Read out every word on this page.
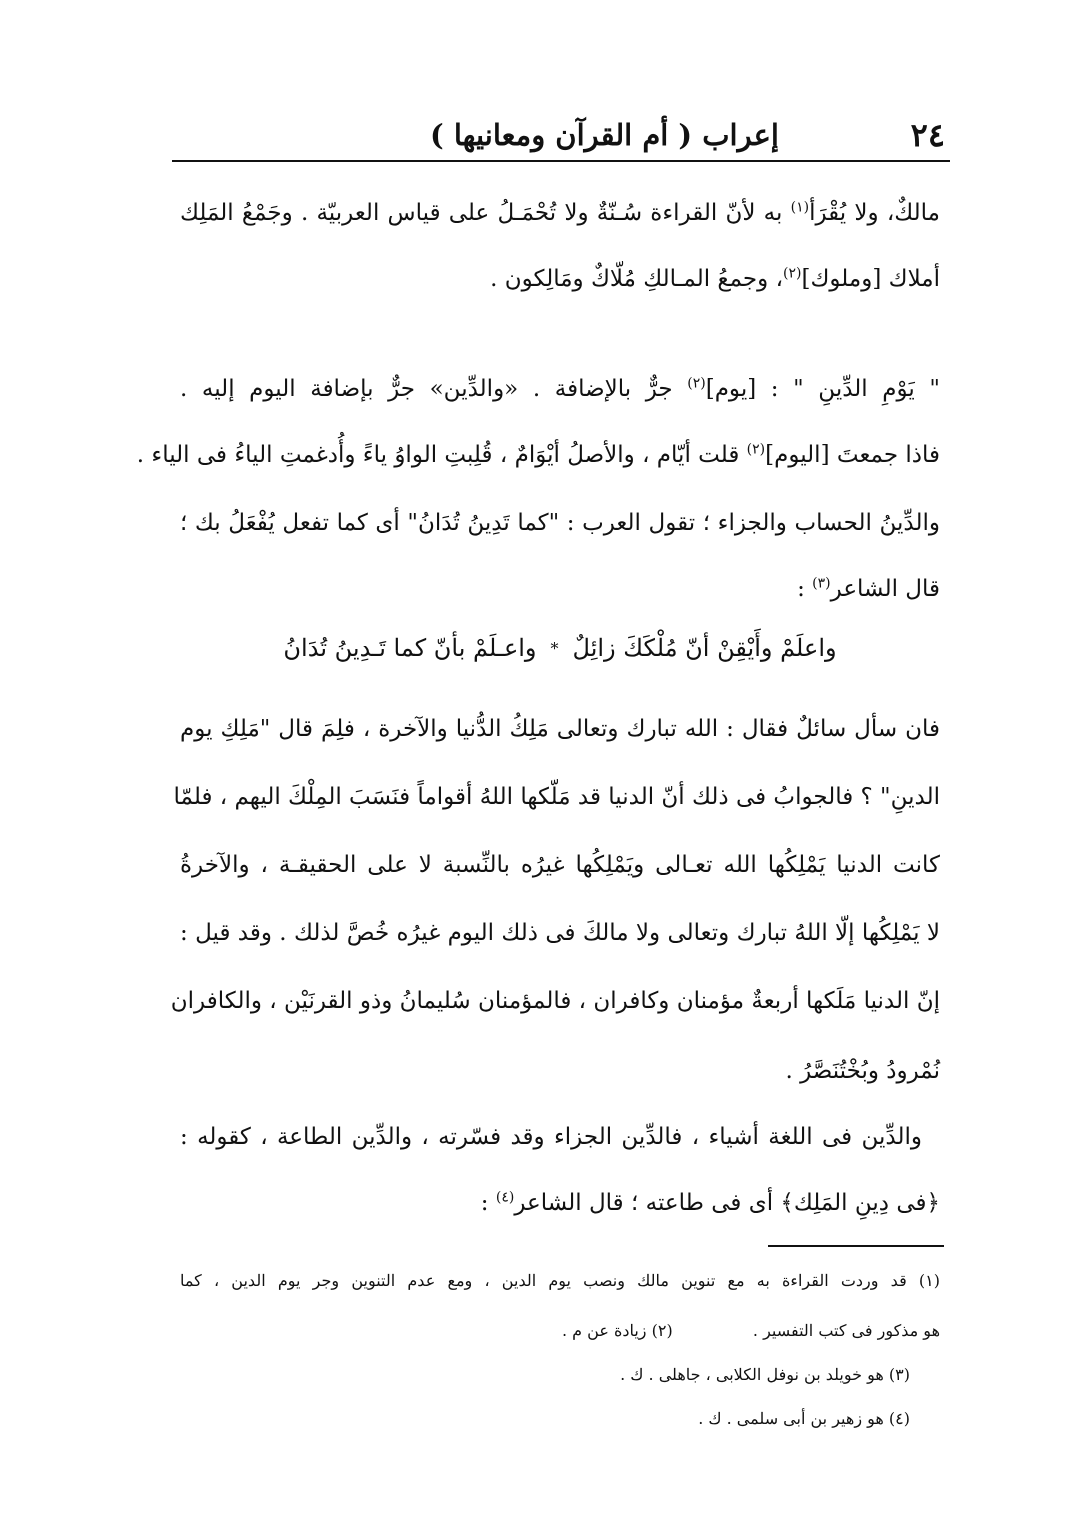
٢٤
إعراب ( أم القرآن ومعانيها )
مالكٌ، ولا يُقْرَأ$^{(١)}$ به لأنّ القراءة سُـنّةٌ ولا تُحْمَـلُ على قياس العربيّة . وجَمْعُ المَلِك
أملاك [وملوك]$^{(٢)}$، وجمعُ المـالكِ مُلّاكٌ ومَالِكون .
" يَوْمِ الدِّينِ " : [يوم]$^{(٢)}$ جرٌّ بالإضافة . «والدِّين» جرٌّ بإضافة اليوم إليه .
فاذا جمعتَ [اليوم]$^{(٢)}$ قلت أيّام ، والأصلُ أيْوَامٌ ، قُلِبتِ الواوُ ياءً وأُدغمتِ الياءُ فى الياء .
والدِّينُ الحساب والجزاء ؛ تقول العرب : "كما تَدِينُ تُدَانُ" أى كما تفعل يُفْعَلُ بك ؛
قال الشاعر$^{(٣)}$ :
واعلَمْ وأَيْقِنْ أنّ مُلْكَكَ زائِلٌ
*
واعـلَمْ بأنّ كما تَـدِينُ تُدَانُ
فان سأل سائلٌ فقال : الله تبارك وتعالى مَلِكُ الدُّنيا والآخرة ، فلِمَ قال "مَلِكِ يوم
الدينِ" ؟ فالجوابُ فى ذلك أنّ الدنيا قد مَلّكها اللهُ أقواماً فنَسَبَ المِلْكَ اليهم ، فلمّا
كانت الدنيا يَمْلِكُها الله تعـالى ويَمْلِكُها غيرُه بالنِّسبة لا على الحقيقـة ، والآخرةُ
لا يَمْلِكُها إلّا اللهُ تبارك وتعالى ولا مالكَ فى ذلك اليوم غيرُه خُصَّ لذلك . وقد قيل :
إنّ الدنيا مَلَكها أربعةٌ مؤمنان وكافران ، فالمؤمنان سُليمانُ وذو القرنَيْن ، والكافران
نُمْرودُ وبُخْتُنَصَّرُ .
والدِّين فى اللغة أشياء ، فالدِّين الجزاء وقد فسّرته ، والدِّين الطاعة ، كقوله :
﴿فى دِينِ المَلِك﴾ أى فى طاعته ؛ قال الشاعر$^{(٤)}$ :
(١) قد وردت القراءة به مع تنوين مالك ونصب يوم الدين ، ومع عدم التنوين وجر يوم الدين ، كما
هو مذكور فى كتب التفسير .  (٢) زيادة عن م .
(٣) هو خويلد بن نوفل الكلابى ، جاهلى . ك .
(٤) هو زهير بن أبى سلمى . ك .
